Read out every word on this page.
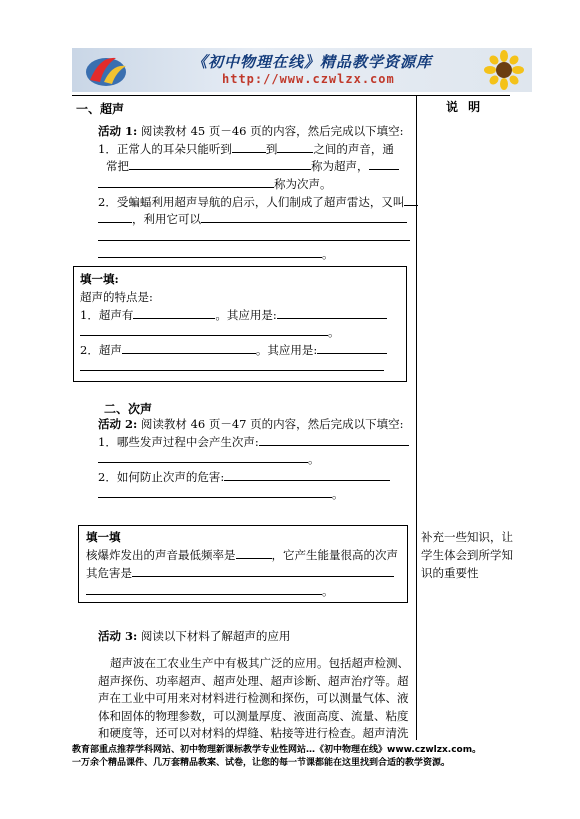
《初中物理在线》精品教学资源库
http://www.czwlzx.com
一、超声	说 明
活动 1: 阅读教材 45 页－46 页的内容，然后完成以下填空:
1．正常人的耳朵只能听到	到	之间的声音，通
常把	称为超声，
称为次声。
2．受蝙蝠利用超声导航的启示，人们制成了超声雷达，又叫
，利用它可以
。
填一填:
超声的特点是:
1．超声有	。其应用是:
。
2．超声	。其应用是:
二、次声
活动 2: 阅读教材 46 页－47 页的内容，然后完成以下填空:
1．哪些发声过程中会产生次声:
。
2．如何防止次声的危害:
。
填一填
核爆炸发出的声音最低频率是	，它产生能量很高的次声
其危害是
。
补充一些知识，让学生体会到所学知识的重要性
活动 3: 阅读以下材料了解超声的应用
超声波在工农业生产中有极其广泛的应用。包括超声检测、
超声探伤、功率超声、超声处理、超声诊断、超声治疗等。超
声在工业中可用来对材料进行检测和探伤，可以测量气体、液
体和固体的物理参数，可以测量厚度、液面高度、流量、粘度
和硬度等，还可以对材料的焊缝、粘接等进行检查。超声清洗
教育部重点推荐学科网站、初中物理新课标教学专业性网站…《初中物理在线》www.czwlzx.com。
一万余个精品课件、几万套精品教案、试卷，让您的每一节课都能在这里找到合适的教学资源。
